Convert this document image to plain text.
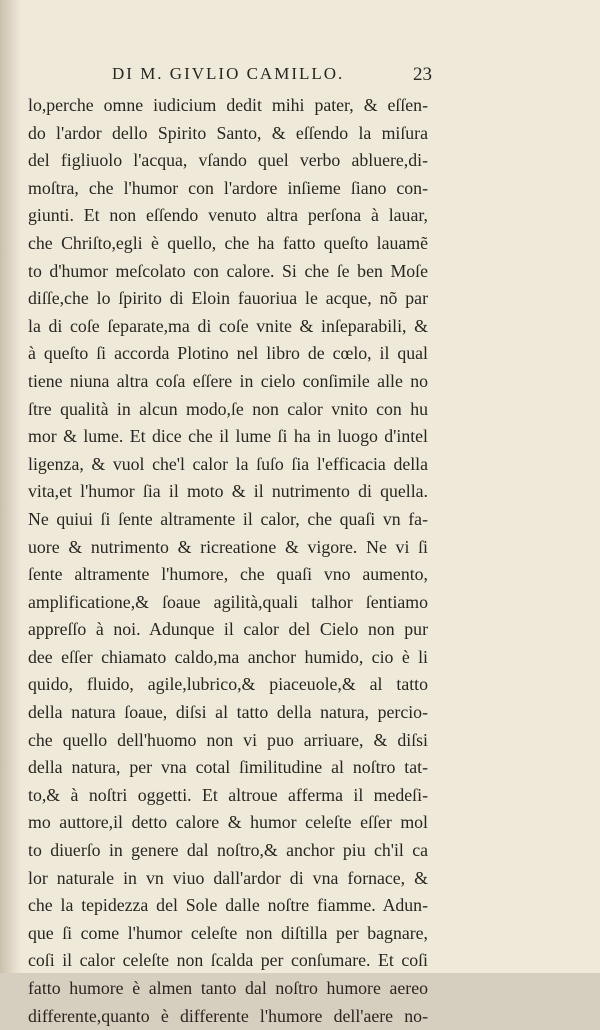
DI M. GIVLIO CAMILLO.	23
lo,perche omne iudicium dedit mihi pater, & eſſen-
do l'ardor dello Spirito Santo, & eſſendo la miſura
del figliuolo l'acqua, vſando quel verbo abluere,di-
moſtra, che l'humor con l'ardore inſieme ſiano con-
giunti. Et non eſſendo venuto altra perſona à lauar,
che Chriſto,egli è quello, che ha fatto queſto lauamẽ
to d'humor meſcolato con calore. Si che ſe ben Moſe
diſſe,che lo ſpirito di Eloin fauoriua le acque, nõ par
la di coſe ſeparate,ma di coſe vnite & inſeparabili, &
à queſto ſi accorda Plotino nel libro de cœlo, il qual
tiene niuna altra coſa eſſere in cielo conſimile alle no
ſtre qualità in alcun modo,ſe non calor vnito con hu
mor & lume. Et dice che il lume ſi ha in luogo d'intel
ligenza, & vuol che'l calor la ſuſo ſia l'efficacia della
vita,et l'humor ſia il moto & il nutrimento di quella.
Ne quiui ſi ſente altramente il calor, che quaſi vn fa-
uore & nutrimento & ricreatione & vigore. Ne vi ſi
ſente altramente l'humore, che quaſi vno aumento,
amplificatione,& ſoaue agilità,quali talhor ſentiamo
appreſſo à noi. Adunque il calor del Cielo non pur
dee eſſer chiamato caldo,ma anchor humido, cio è li
quido, fluido, agile,lubrico,& piaceuole,& al tatto
della natura ſoaue, diſsi al tatto della natura, percio-
che quello dell'huomo non vi puo arriuare, & diſsi
della natura, per vna cotal ſimilitudine al noſtro tat-
to,& à noſtri oggetti. Et altroue afferma il medeſi-
mo auttore,il detto calore & humor celeſte eſſer mol
to diuerſo in genere dal noſtro,& anchor piu ch'il ca
lor naturale in vn viuo dall'ardor di vna fornace, &
che la tepidezza del Sole dalle noſtre fiamme. Adun-
que ſi come l'humor celeſte non diſtilla per bagnare,
coſi il calor celeſte non ſcalda per conſumare. Et coſi
fatto humore è almen tanto dal noſtro humore aereo
differente,quanto è differente l'humore dell'aere no-
